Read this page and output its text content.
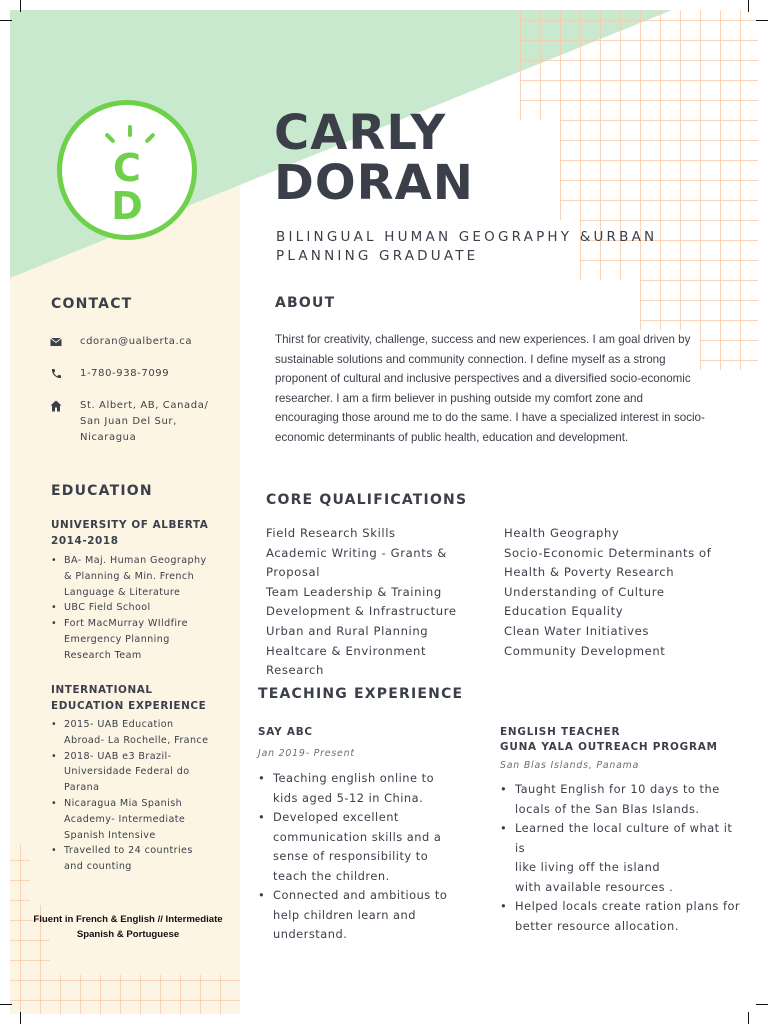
C
D
CARLY
DORAN
BILINGUAL HUMAN GEOGRAPHY &URBAN
PLANNING GRADUATE
CONTACT
cdoran@ualberta.ca
1-780-938-7099
St. Albert, AB, Canada/
San Juan Del Sur,
Nicaragua
ABOUT
Thirst for creativity, challenge, success and new experiences. I am goal driven by
sustainable solutions and community connection. I define myself as a strong
proponent of cultural and inclusive perspectives and a diversified socio-economic
researcher. I am a firm believer in pushing outside my comfort zone and
encouraging those around me to do the same. I have a specialized interest in socio-
economic determinants of public health, education and development.
EDUCATION
UNIVERSITY OF ALBERTA
2014-2018
• BA- Maj. Human Geography
& Planning & Min. French
Language & Literature
• UBC Field School
• Fort MacMurray WIldfire
Emergency Planning
Research Team
INTERNATIONAL
EDUCATION EXPERIENCE
• 2015- UAB Education
Abroad- La Rochelle, France
• 2018- UAB e3 Brazil-
Universidade Federal do
Parana
• Nicaragua Mia Spanish
Academy- Intermediate
Spanish Intensive
• Travelled to 24 countries
and counting
Fluent in French & English // Intermediate
Spanish & Portuguese
CORE QUALIFICATIONS
Field Research Skills
Academic Writing - Grants &
Proposal
Team Leadership & Training
Development & Infrastructure
Urban and Rural Planning
Healtcare & Environment
Research
Health Geography
Socio-Economic Determinants of
Health & Poverty Research
Understanding of Culture
Education Equality
Clean Water Initiatives
Community Development
TEACHING EXPERIENCE
SAY ABC
Jan 2019- Present
• Teaching english online to
kids aged 5-12 in China.
• Developed excellent
communication skills and a
sense of responsibility to
teach the children.
• Connected and ambitious to
help children learn and
understand.
ENGLISH TEACHER
GUNA YALA OUTREACH PROGRAM
San Blas Islands, Panama
• Taught English for 10 days to the
locals of the San Blas Islands.
• Learned the local culture of what it is
like living off the island
with available resources .
• Helped locals create ration plans for
better resource allocation.
